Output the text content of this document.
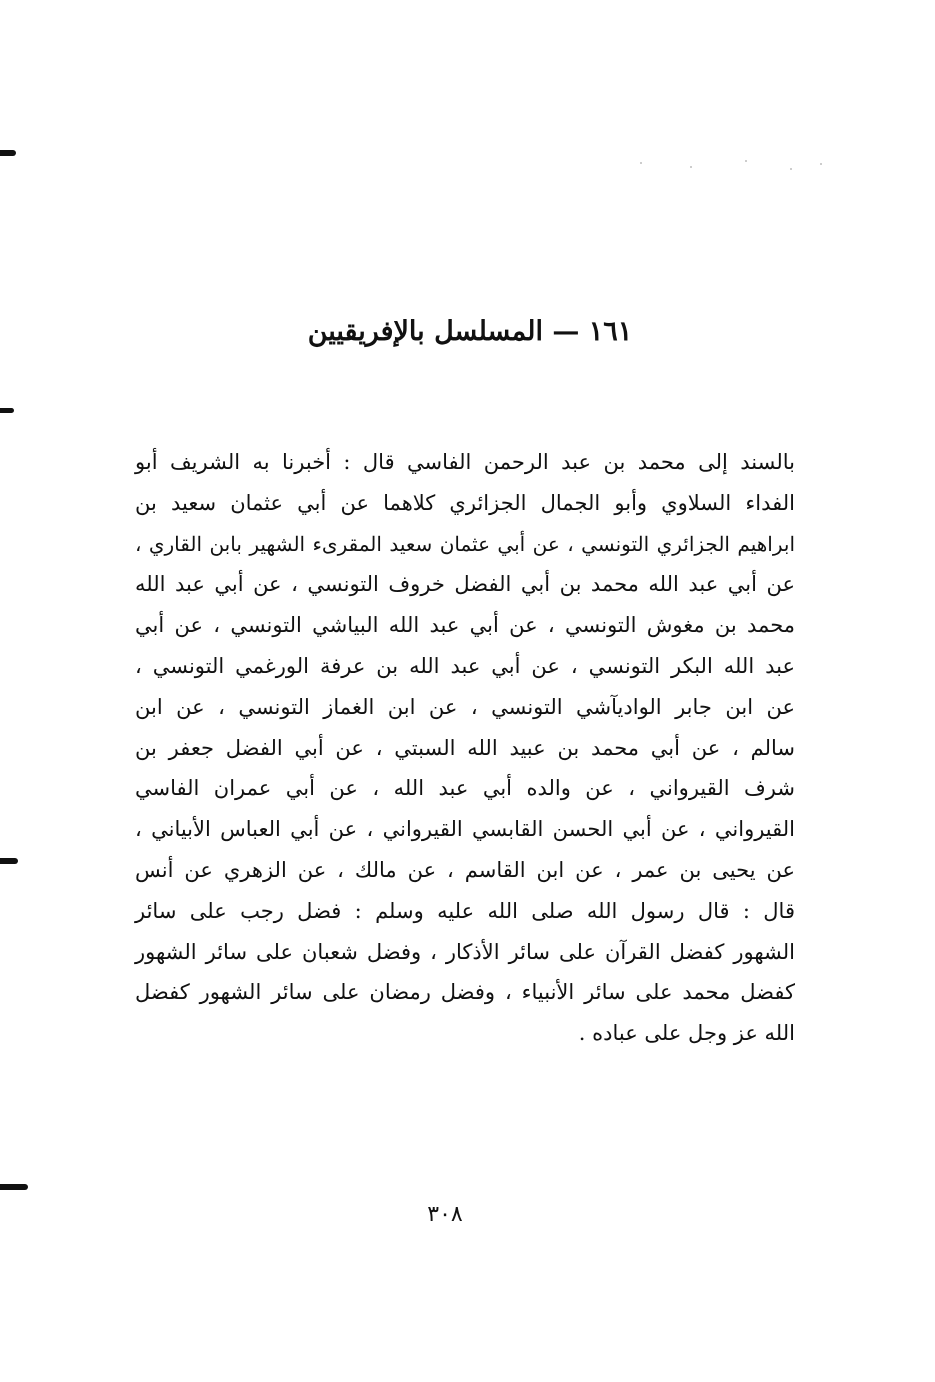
١٦١ — المسلسل بالإفريقيين
بالسند إلى محمد بن عبد الرحمن الفاسي قال : أخبرنا به الشريف أبو
الفداء السلاوي وأبو الجمال الجزائري كلاهما عن أبي عثمان سعيد بن
ابراهيم الجزائري التونسي ، عن أبي عثمان سعيد المقرىء الشهير بابن القاري ،
عن أبي عبد الله محمد بن أبي الفضل خروف التونسي ، عن أبي عبد الله
محمد بن مغوش التونسي ، عن أبي عبد الله البياشي التونسي ، عن أبي
عبد الله البكر التونسي ، عن أبي عبد الله بن عرفة الورغمي التونسي ،
عن ابن جابر الواديآشي التونسي ، عن ابن الغماز التونسي ، عن ابن
سالم ، عن أبي محمد بن عبيد الله السبتي ، عن أبي الفضل جعفر بن
شرف القيرواني ، عن والده أبي عبد الله ، عن أبي عمران الفاسي
القيرواني ، عن أبي الحسن القابسي القيرواني ، عن أبي العباس الأبياني ،
عن يحيى بن عمر ، عن ابن القاسم ، عن مالك ، عن الزهري عن أنس
قال : قال رسول الله صلى الله عليه وسلم : فضل رجب على سائر
الشهور كفضل القرآن على سائر الأذكار ، وفضل شعبان على سائر الشهور
كفضل محمد على سائر الأنبياء ، وفضل رمضان على سائر الشهور كفضل
الله عز وجل على عباده .
٣٠٨
